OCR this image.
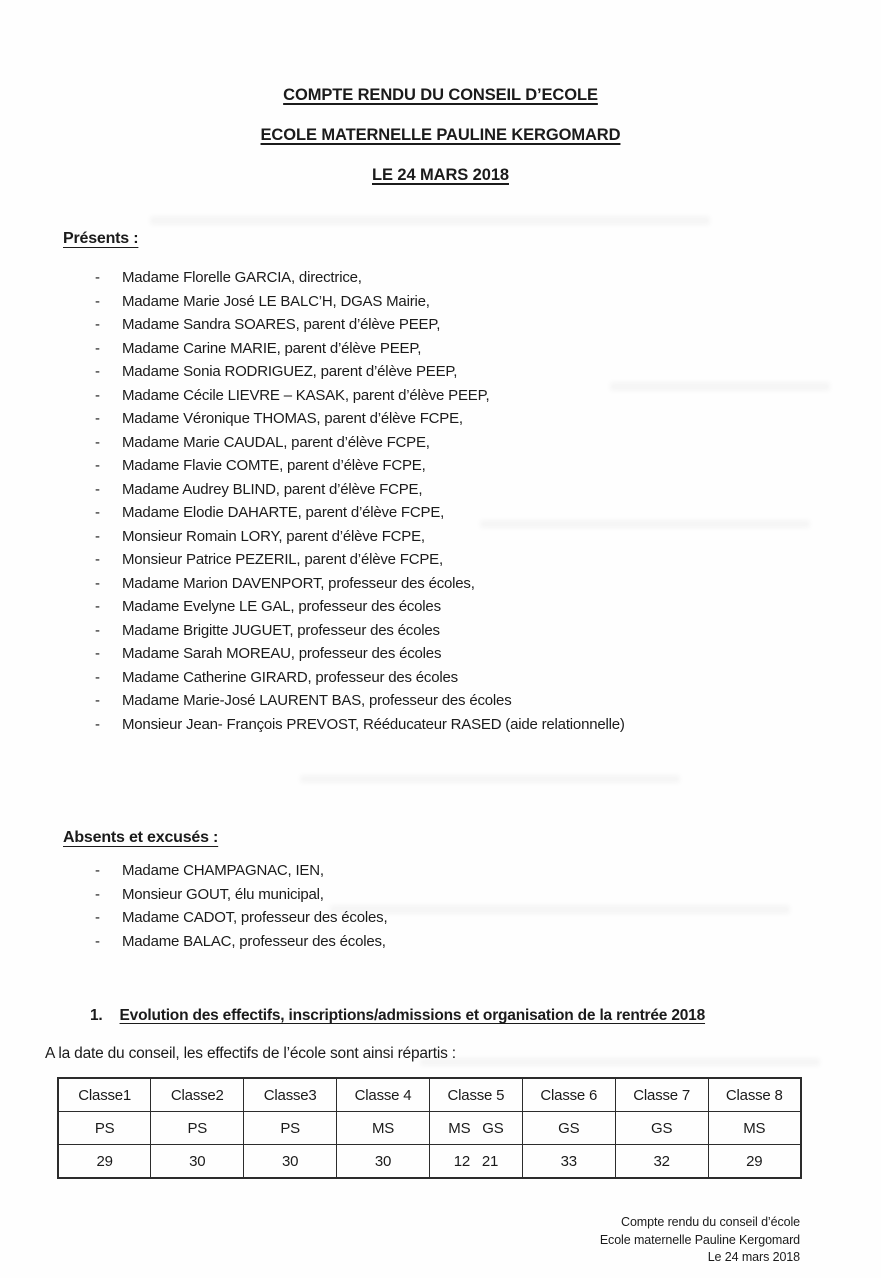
COMPTE RENDU DU CONSEIL D’ECOLE
ECOLE MATERNELLE PAULINE KERGOMARD
LE 24 MARS 2018
Présents :
- Madame Florelle GARCIA, directrice,
- Madame Marie José LE BALC’H, DGAS Mairie,
- Madame Sandra SOARES, parent d’élève PEEP,
- Madame Carine MARIE, parent d’élève PEEP,
- Madame Sonia RODRIGUEZ, parent d’élève PEEP,
- Madame Cécile LIEVRE – KASAK, parent d’élève PEEP,
- Madame Véronique THOMAS, parent d’élève FCPE,
- Madame Marie CAUDAL, parent d’élève FCPE,
- Madame Flavie COMTE, parent d’élève FCPE,
- Madame Audrey BLIND, parent d’élève FCPE,
- Madame Elodie DAHARTE, parent d’élève FCPE,
- Monsieur Romain LORY, parent d’élève FCPE,
- Monsieur Patrice PEZERIL, parent d’élève FCPE,
- Madame Marion DAVENPORT, professeur des écoles,
- Madame Evelyne LE GAL, professeur des écoles
- Madame Brigitte JUGUET, professeur des écoles
- Madame Sarah MOREAU, professeur des écoles
- Madame Catherine GIRARD, professeur des écoles
- Madame Marie-José LAURENT BAS, professeur des écoles
- Monsieur Jean- François PREVOST, Rééducateur RASED (aide relationnelle)
Absents et excusés :
- Madame CHAMPAGNAC, IEN,
- Monsieur GOUT, élu municipal,
- Madame CADOT, professeur des écoles,
- Madame BALAC, professeur des écoles,
1. Evolution des effectifs, inscriptions/admissions et organisation de la rentrée 2018
A la date du conseil, les effectifs de l’école sont ainsi répartis :
Classe1	Classe2	Classe3	Classe 4	Classe 5	Classe 6	Classe 7	Classe 8
PS	PS	PS	MS	MS   GS	GS	GS	MS
29	30	30	30	12   21	33	32	29
Compte rendu du conseil d’école
Ecole maternelle Pauline Kergomard
Le 24 mars 2018
